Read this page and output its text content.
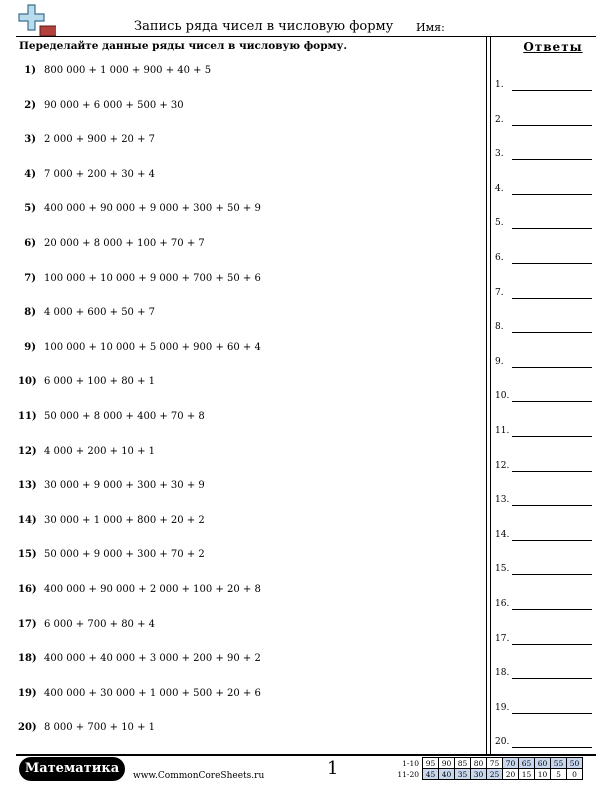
Запись ряда чисел в числовую форму Имя:
Переделайте данные ряды чисел в числовую форму.	Ответы
1) 800 000 + 1 000 + 900 + 40 + 5
2) 90 000 + 6 000 + 500 + 30
3) 2 000 + 900 + 20 + 7
4) 7 000 + 200 + 30 + 4
5) 400 000 + 90 000 + 9 000 + 300 + 50 + 9
6) 20 000 + 8 000 + 100 + 70 + 7
7) 100 000 + 10 000 + 9 000 + 700 + 50 + 6
8) 4 000 + 600 + 50 + 7
9) 100 000 + 10 000 + 5 000 + 900 + 60 + 4
10) 6 000 + 100 + 80 + 1
11) 50 000 + 8 000 + 400 + 70 + 8
12) 4 000 + 200 + 10 + 1
13) 30 000 + 9 000 + 300 + 30 + 9
14) 30 000 + 1 000 + 800 + 20 + 2
15) 50 000 + 9 000 + 300 + 70 + 2
16) 400 000 + 90 000 + 2 000 + 100 + 20 + 8
17) 6 000 + 700 + 80 + 4
18) 400 000 + 40 000 + 3 000 + 200 + 90 + 2
19) 400 000 + 30 000 + 1 000 + 500 + 20 + 6
20) 8 000 + 700 + 10 + 1
1.
2.
3.
4.
5.
6.
7.
8.
9.
10.
11.
12.
13.
14.
15.
16.
17.
18.
19.
20.
Математика	www.CommonCoreSheets.ru	1	1-10	95	90	85	80	75	70	65	60	55	50
11-20	45	40	35	30	25	20	15	10	5	0
